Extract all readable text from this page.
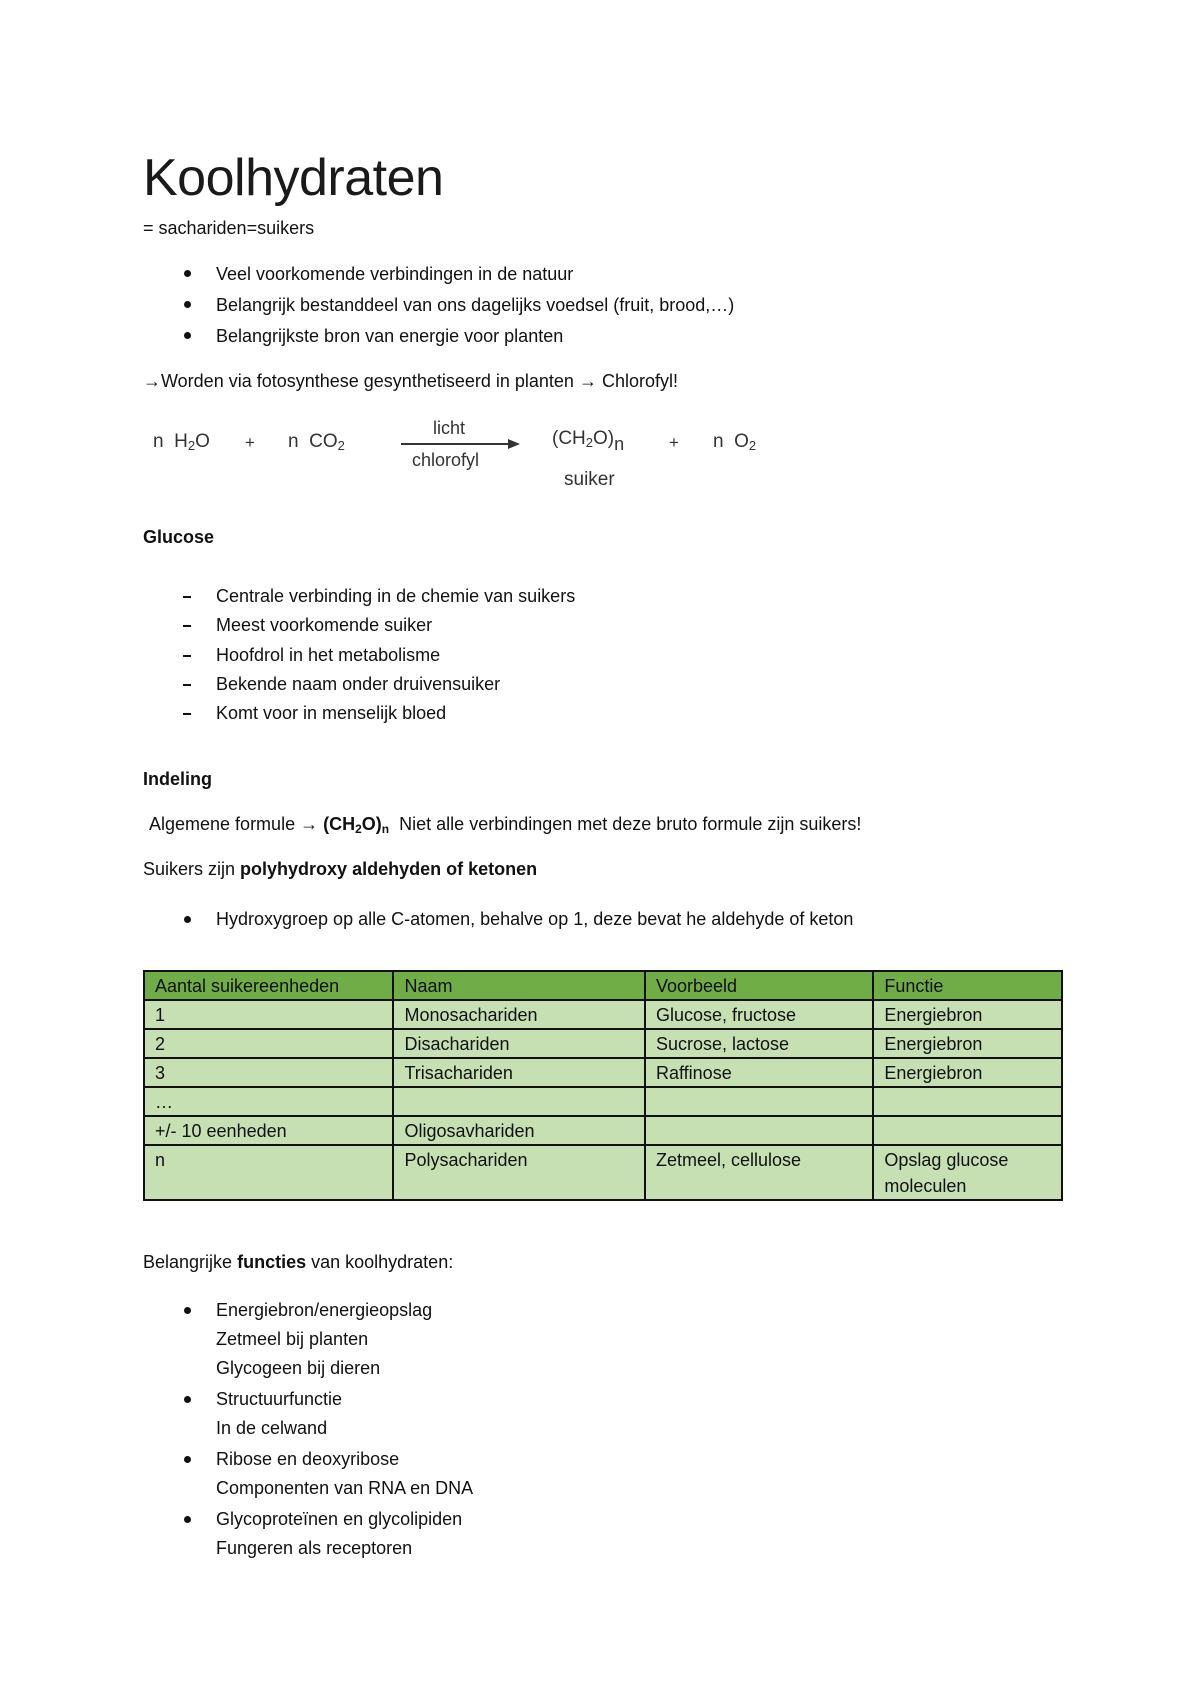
Koolhydraten
= sachariden=suikers
Veel voorkomende verbindingen in de natuur
Belangrijk bestanddeel van ons dagelijks voedsel (fruit, brood,…)
Belangrijkste bron van energie voor planten
→Worden via fotosynthese gesynthetiseerd in planten → Chlorofyl!
n $H_2O + n$ $CO_2$
licht
chlorofyl
$(CH_2O)n$
suiker
+ n $O_2$
Glucose
Centrale verbinding in de chemie van suikers
Meest voorkomende suiker
Hoofdrol in het metabolisme
Bekende naam onder druivensuiker
Komt voor in menselijk bloed
Indeling
Algemene formule → (CH2O)n Niet alle verbindingen met deze bruto formule zijn suikers!
Suikers zijn polyhydroxy aldehyden of ketonen
Hydroxygroep op alle C-atomen, behalve op 1, deze bevat he aldehyde of keton
Aantal suikereenheden	Naam	Voorbeeld	Functie
1	Monosachariden	Glucose, fructose	Energiebron
2	Disachariden	Sucrose, lactose	Energiebron
3	Trisachariden	Raffinose	Energiebron
…			
+/- 10 eenheden	Oligosavhariden		
n	Polysachariden	Zetmeel, cellulose	Opslag glucose moleculen
Belangrijke functies van koolhydraten:
Energiebron/energieopslag
Zetmeel bij planten
Glycogeen bij dieren
Structuurfunctie
In de celwand
Ribose en deoxyribose
Componenten van RNA en DNA
Glycoproteïnen en glycolipiden
Fungeren als receptoren
